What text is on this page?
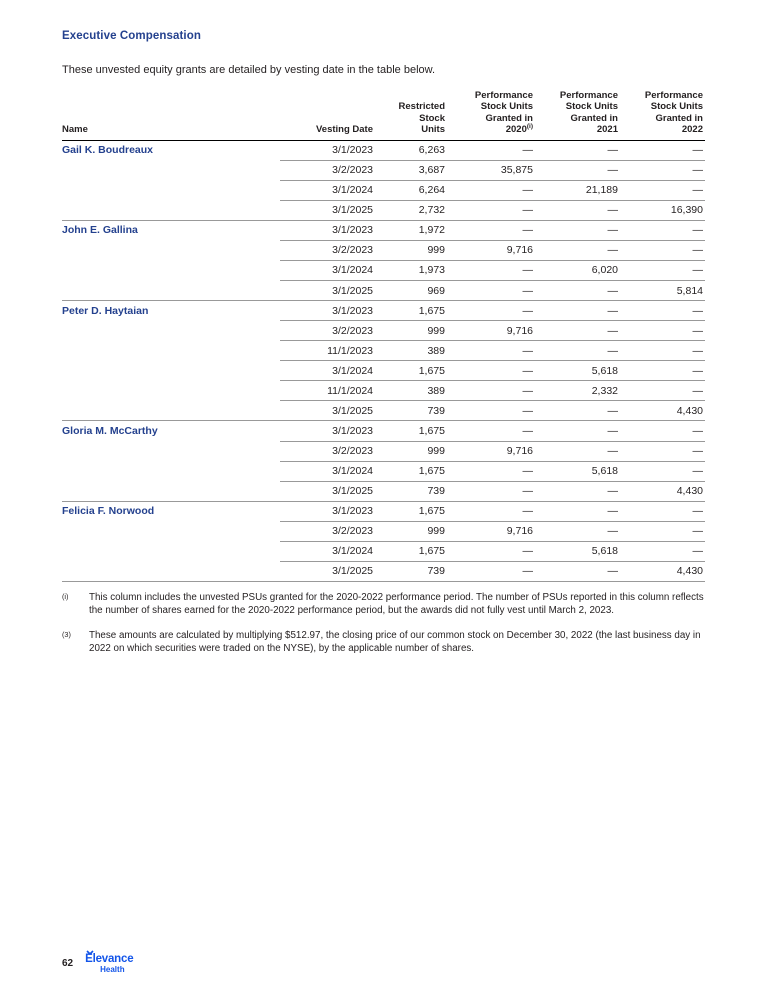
Executive Compensation
These unvested equity grants are detailed by vesting date in the table below.
Name	Vesting Date	Restricted
Stock
Units	Performance
Stock Units
Granted in
2020$^{(i)}$	Performance
Stock Units
Granted in
2021	Performance
Stock Units
Granted in
2022
Gail K. Boudreaux	3/1/2023	6,263	—	—	—
	3/2/2023	3,687	35,875	—	—
	3/1/2024	6,264	—	21,189	—
	3/1/2025	2,732	—	—	16,390
John E. Gallina	3/1/2023	1,972	—	—	—
	3/2/2023	999	9,716	—	—
	3/1/2024	1,973	—	6,020	—
	3/1/2025	969	—	—	5,814
Peter D. Haytaian	3/1/2023	1,675	—	—	—
	3/2/2023	999	9,716	—	—
	11/1/2023	389	—	—	—
	3/1/2024	1,675	—	5,618	—
	11/1/2024	389	—	2,332	—
	3/1/2025	739	—	—	4,430
Gloria M. McCarthy	3/1/2023	1,675	—	—	—
	3/2/2023	999	9,716	—	—
	3/1/2024	1,675	—	5,618	—
	3/1/2025	739	—	—	4,430
Felicia F. Norwood	3/1/2023	1,675	—	—	—
	3/2/2023	999	9,716	—	—
	3/1/2024	1,675	—	5,618	—
	3/1/2025	739	—	—	4,430
(i)	This column includes the unvested PSUs granted for the 2020-2022 performance period. The number of PSUs reported in this column reflects the number of shares earned for the 2020-2022 performance period, but the awards did not fully vest until March 2, 2023.
(3)	These amounts are calculated by multiplying $512.97, the closing price of our common stock on December 30, 2022 (the last business day in 2022 on which securities were traded on the NYSE), by the applicable number of shares.
62 Elevance
Health
